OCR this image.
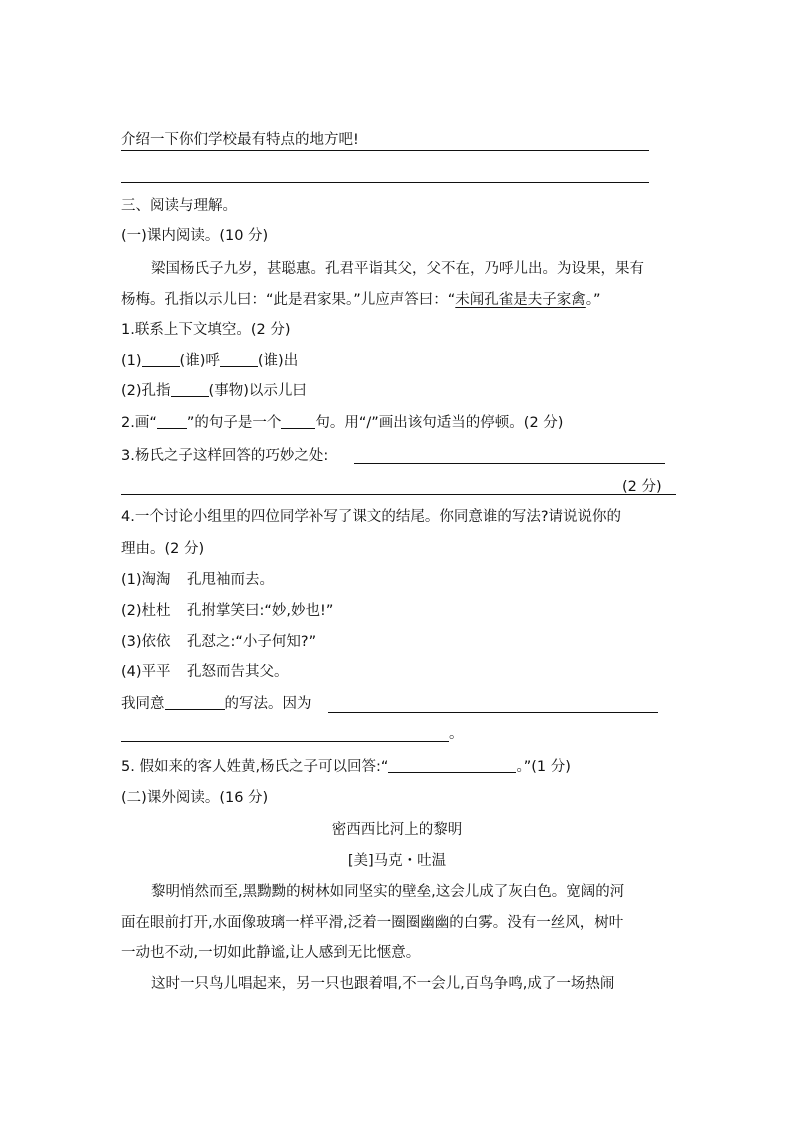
介绍一下你们学校最有特点的地方吧!
三、阅读与理解。
(一)课内阅读。(10 分)
梁国杨氏子九岁，甚聪惠。孔君平诣其父，父不在，乃呼儿出。为设果，果有
杨梅。孔指以示儿曰：“此是君家果。”儿应声答曰：“未闻孔雀是夫子家禽。”
1.联系上下文填空。(2 分)
(1)	(谁)呼	(谁)出
(2)孔指	(事物)以示儿曰
2.画“ ”的句子是一个 句。用“/”画出该句适当的停顿。(2 分)
3.杨氏之子这样回答的巧妙之处:
(2 分)
4.一个讨论小组里的四位同学补写了课文的结尾。你同意谁的写法?请说说你的
理由。(2 分)
(1)淘淘 孔甩袖而去。
(2)杜杜 孔拊掌笑曰:“妙,妙也!”
(3)依依 孔怼之:“小子何知?”
(4)平平 孔怒而告其父。
我同意	的写法。因为
。
5. 假如来的客人姓黄,杨氏之子可以回答:“	。”(1 分)
(二)课外阅读。(16 分)
密西西比河上的黎明
[美]马克・吐温
黎明悄然而至,黑黝黝的树林如同坚实的壁垒,这会儿成了灰白色。宽阔的河
面在眼前打开,水面像玻璃一样平滑,泛着一圈圈幽幽的白雾。没有一丝风，树叶
一动也不动,一切如此静谧,让人感到无比惬意。
这时一只鸟儿唱起来，另一只也跟着唱,不一会儿,百鸟争鸣,成了一场热闹
